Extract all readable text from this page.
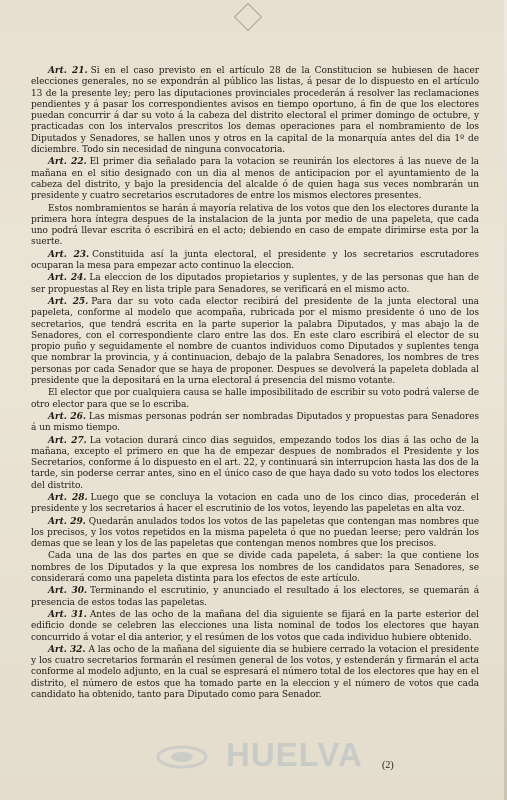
Art. 21. Si en el caso previsto en el artículo 28 de la Constitucion se hubiesen de hacer elecciones generales, no se expondrán al público las listas, á pesar de lo dispuesto en el artículo 13 de la presente ley; pero las diputaciones provinciales procederán á resolver las reclamaciones pendientes y á pasar los correspondientes avisos en tiempo oportuno, á fin de que los electores puedan concurrir á dar su voto á la cabeza del distrito electoral el primer domingo de octubre, y practicadas con los intervalos prescritos los demas operaciones para el nombramiento de los Diputados y Senadores, se hallen unos y otros en la capital de la monarquía antes del dia 1º de diciembre. Todo sin necesidad de ninguna convocatoria.

Art. 22. El primer dia señalado para la votacion se reunirán los electores á las nueve de la mañana en el sitio designado con un dia al menos de anticipacion por el ayuntamiento de la cabeza del distrito, y bajo la presidencia del alcalde ó de quien haga sus veces nombrarán un presidente y cuatro secretarios escrutadores de entre los mismos electores presentes.

Estos nombramientos se harán á mayoría relativa de los votos que den los electores durante la primera hora íntegra despues de la instalacion de la junta por medio de una papeleta, que cada uno podrá llevar escrita ó escribirá en el acto; debiendo en caso de empate dirimirse esta por la suerte.

Art. 23. Constituida así la junta electoral, el presidente y los secretarios escrutadores ocuparan la mesa para empezar acto continuo la eleccion.

Art. 24. La eleccion de los diputados propietarios y suplentes, y de las personas que han de ser propuestas al Rey en lista triple para Senadores, se verificará en el mismo acto.

Art. 25. Para dar su voto cada elector recibirá del presidente de la junta electoral una papeleta, conforme al modelo que acompaña, rubricada por el mismo presidente ó uno de los secretarios, que tendrá escrita en la parte superior la palabra Diputados, y mas abajo la de Senadores, con el correspondiente claro entre las dos. En este claro escribirá el elector de su propio puño y seguidamente el nombre de cuantos individuos como Diputados y suplentes tenga que nombrar la provincia, y á continuacion, debajo de la palabra Senadores, los nombres de tres personas por cada Senador que se haya de proponer. Despues se devolverá la papeleta doblada al presidente que la depositará en la urna electoral á presencia del mismo votante.

El elector que por cualquiera causa se halle imposibilitado de escribir su voto podrá valerse de otro elector para que se lo escriba.

Art. 26. Las mismas personas podrán ser nombradas Diputados y propuestas para Senadores á un mismo tiempo.

Art. 27. La votacion durará cinco dias seguidos, empezando todos los dias á las ocho de la mañana, excepto el primero en que ha de empezar despues de nombrados el Presidente y los Secretarios, conforme á lo dispuesto en el art. 22, y continuará sin interrupcion hasta las dos de la tarde, sin poderse cerrar antes, sino en el único caso de que haya dado su voto todos los electores del distrito.

Art. 28. Luego que se concluya la votacion en cada uno de los cinco dias, procederán el presidente y los secretarios á hacer el escrutinio de los votos, leyendo las papeletas en alta voz.

Art. 29. Quedarán anulados todos los votos de las papeletas que contengan mas nombres que los precisos, y los votos repetidos en la misma papeleta ó que no puedan leerse; pero valdrán los demas que se lean y los de las papeletas que contengan menos nombres que los precisos.

Cada una de las dos partes en que se divide cada papeleta, á saber: la que contiene los nombres de los Diputados y la que expresa los nombres de los candidatos para Senadores, se considerará como una papeleta distinta para los efectos de este artículo.

Art. 30. Terminando el escrutinio, y anunciado el resultado á los electores, se quemarán á presencia de estos todas las papeletas.

Art. 31. Antes de las ocho de la mañana del dia siguiente se fijará en la parte esterior del edificio donde se celebren las elecciones una lista nominal de todos los electores que hayan concurrido á votar el dia anterior, y el resúmen de los votos que cada individuo hubiere obtenido.

Art. 32. A las ocho de la mañana del siguiente dia se hubiere cerrado la votacion el presidente y los cuatro secretarios formarán el resúmen general de los votos, y estenderán y firmarán el acta conforme al modelo adjunto, en la cual se espresará el número total de los electores que hay en el distrito, el número de estos que ha tomado parte en la eleccion y el número de votos que cada candidato ha obtenido, tanto para Diputado como para Senador.

HUELVA (2)
